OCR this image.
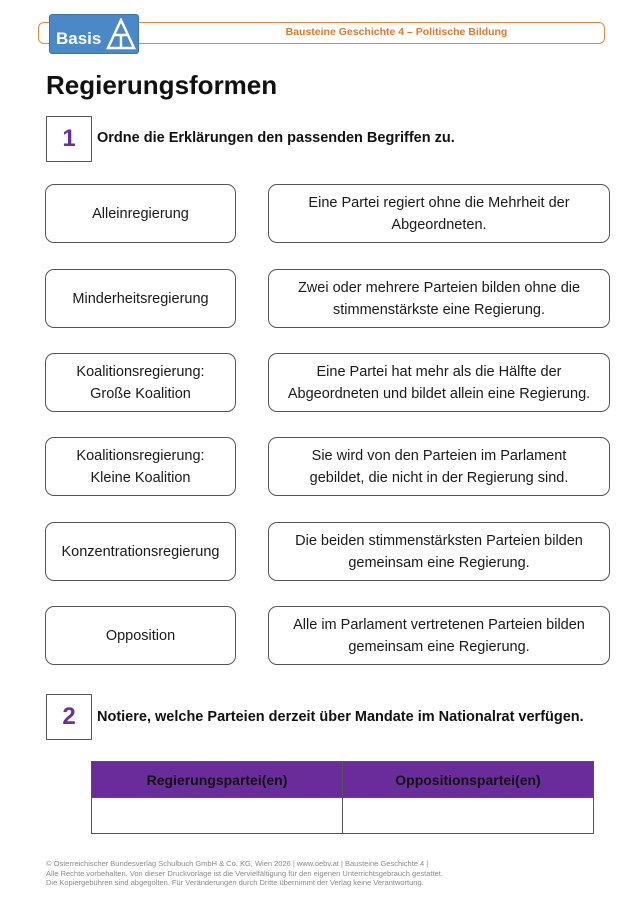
Bausteine Geschichte 4 – Politische Bildung
Basis
Regierungsformen
1	Ordne die Erklärungen den passenden Begriffen zu.
Alleinregierung
Eine Partei regiert ohne die Mehrheit der
Abgeordneten.
Minderheitsregierung
Zwei oder mehrere Parteien bilden ohne die
stimmenstärkste eine Regierung.
Koalitionsregierung:
Große Koalition
Eine Partei hat mehr als die Hälfte der
Abgeordneten und bildet allein eine Regierung.
Koalitionsregierung:
Kleine Koalition
Sie wird von den Parteien im Parlament
gebildet, die nicht in der Regierung sind.
Konzentrationsregierung
Die beiden stimmenstärksten Parteien bilden
gemeinsam eine Regierung.
Opposition
Alle im Parlament vertretenen Parteien bilden
gemeinsam eine Regierung.
2	Notiere, welche Parteien derzeit über Mandate im Nationalrat verfügen.
Regierungspartei(en)	Oppositionspartei(en)

© Österreichischer Bundesverlag Schulbuch GmbH & Co. KG, Wien 2026 | www.oebv.at | Bausteine Geschichte 4 |
Alle Rechte vorbehalten. Von dieser Druckvorlage ist die Vervielfältigung für den eigenen Unterrichtsgebrauch gestattet.
Die Kopiergebühren sind abgegolten. Für Veränderungen durch Dritte übernimmt der Verlag keine Verantwortung.
